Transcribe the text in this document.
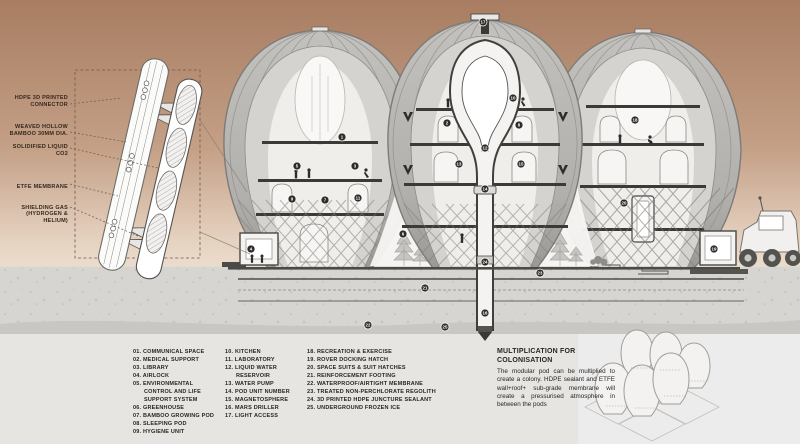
1
2
3
4
5
6
7
8
9
10
11
12
13
14
15
16
17
18
19
20
21
22
23
24
25
HDPE 3D PRINTED CONNECTOR
WEAVED HOLLOW BAMBOO 30MM DIA.
SOLIDIFIED LIQUID CO2
ETFE MEMBRANE
SHIELDING GAS (HYDROGEN & HELIUM)
01. COMMUNICAL SPACE
02. MEDICAL SUPPORT
03. LIBRARY
04. AIRLOCK
05. ENVIRONMENTAL CONTROL AND LIFE SUPPORT SYSTEM
06. GREENHOUSE
07. BAMBOO GROWING POD
08. SLEEPING POD
09. HYGIENE UNIT
10. KITCHEN
11. LABORATORY
12. LIQUID WATER RESERVOIR
13. WATER PUMP
14. POD UNIT NUMBER
15. MAGNETOSPHERE
16. MARS DRILLER
17. LIGHT ACCESS
18. RECREATION & EXERCISE
19. ROVER DOCKING HATCH
20. SPACE SUITS & SUIT HATCHES
21. REINFORCEMENT FOOTING
22. WATERPROOF/AIRTIGHT MEMBRANE
23. TREATED NON-PERCHLORATE REGOLITH
24. 3D PRINTED HDPE JUNCTURE SEALANT
25. UNDERGROUND FROZEN ICE
MULTIPLICATION FOR COLONISATION
The modular pod can be multiplied to create a colony. HDPE sealant and ETFE wall+roof+ sub-grade membrane will create a pressurised atmosphere in between the pods
